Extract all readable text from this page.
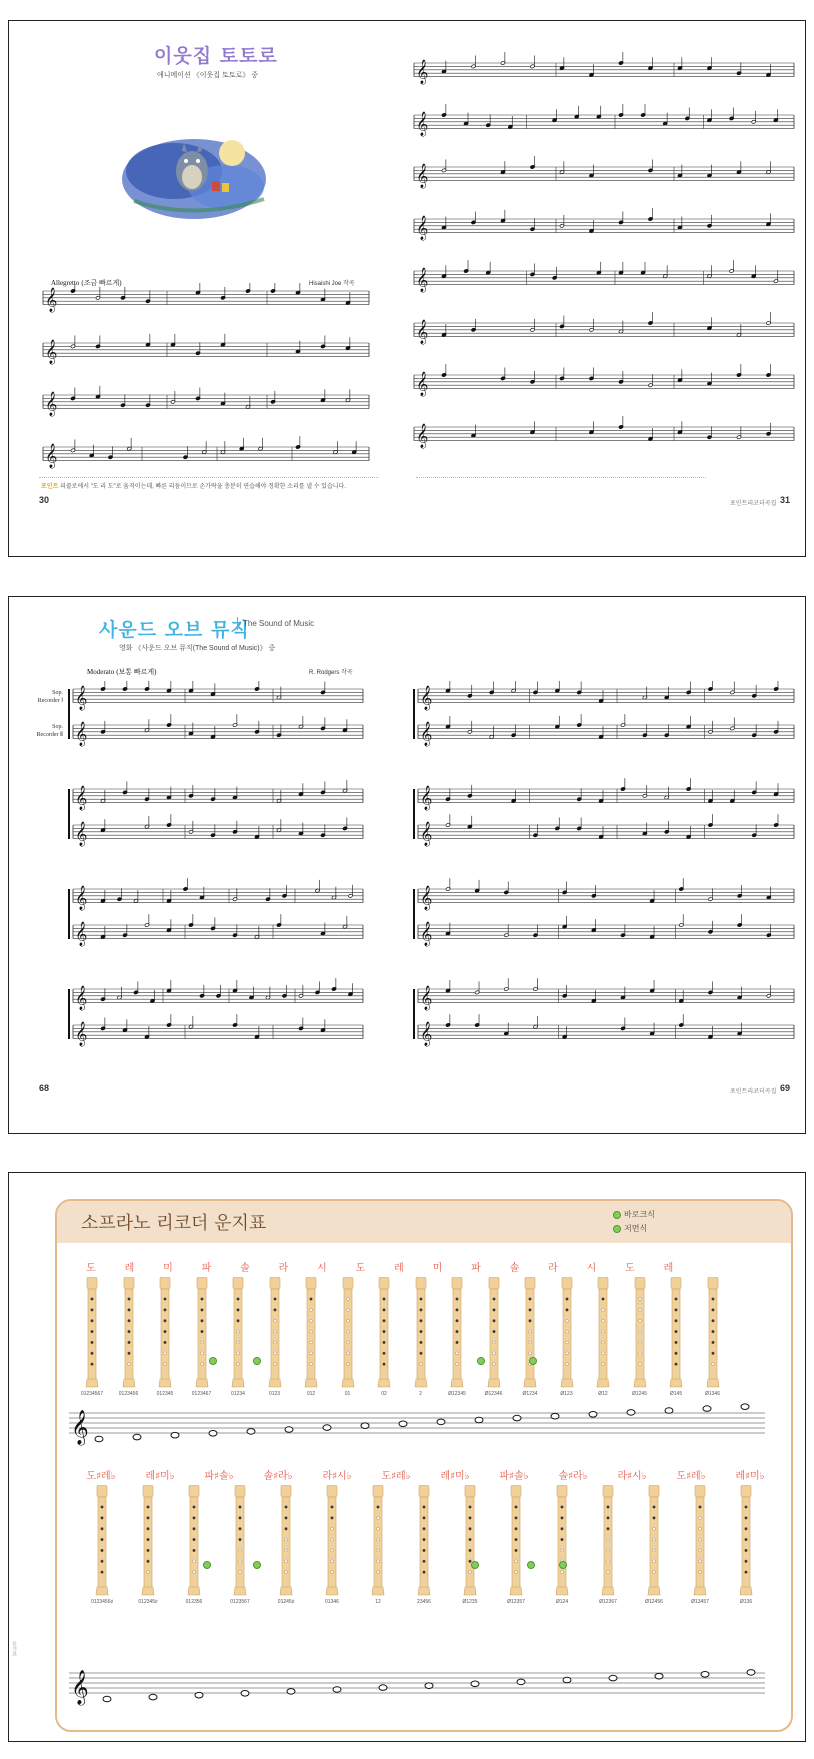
이웃집 토토로
애니메이션 《이웃집 토토로》 중
Allegretto (조금 빠르게)	Hisaishi Joe 작곡
𝄞
𝄞
𝄞
𝄞
포인트 피콜로에서 "도 리 도"로 움직이는데, 빠른 리듬이므로 손가락을 충분히 연습해야 정확한 소리를 낼 수 있습니다.
30
𝄞
𝄞
𝄞
𝄞
𝄞
𝄞
𝄞
𝄞
포인트리코더곡집 31
사운드 오브 뮤직
The Sound of Music
영화 《사운드 오브 뮤직(The Sound of Music)》 중
Moderato (보통 빠르게)	R. Rodgers 작곡
Sop. Recorder Ⅰ
Sop. Recorder Ⅱ
𝄞
𝄞
𝄞
𝄞
𝄞
𝄞
𝄞
𝄞
68
𝄞
𝄞
𝄞
𝄞
𝄞
𝄞
𝄞
𝄞
포인트리코더곡집 69
운지표
소프라노 리코더 운지표	바로크식
저먼식
도	레	미	파	솔	라	시	도	레	미	파	솔	라	시	도	레
01234567	0123456	012345	0123467	01234	0123	012	01	02	2	Ø12345	Ø12346	Ø1234	Ø123	Ø12	Ø1245	Ø145	Ø1346
도♯레♭	레♯미♭	파♯솔♭	솔♯라♭	라♯시♭	도♯레♭	레♯미♭	파♯솔♭	솔♯라♭	라♯시♭	도♯레♭	레♯미♭
0123456♯	012345♯	012356	0123567	01245♯	01346	12	23456	Ø1235	Ø12357	Ø124	Ø12367	Ø12456	Ø13457	Ø136
𝄞
𝄞
